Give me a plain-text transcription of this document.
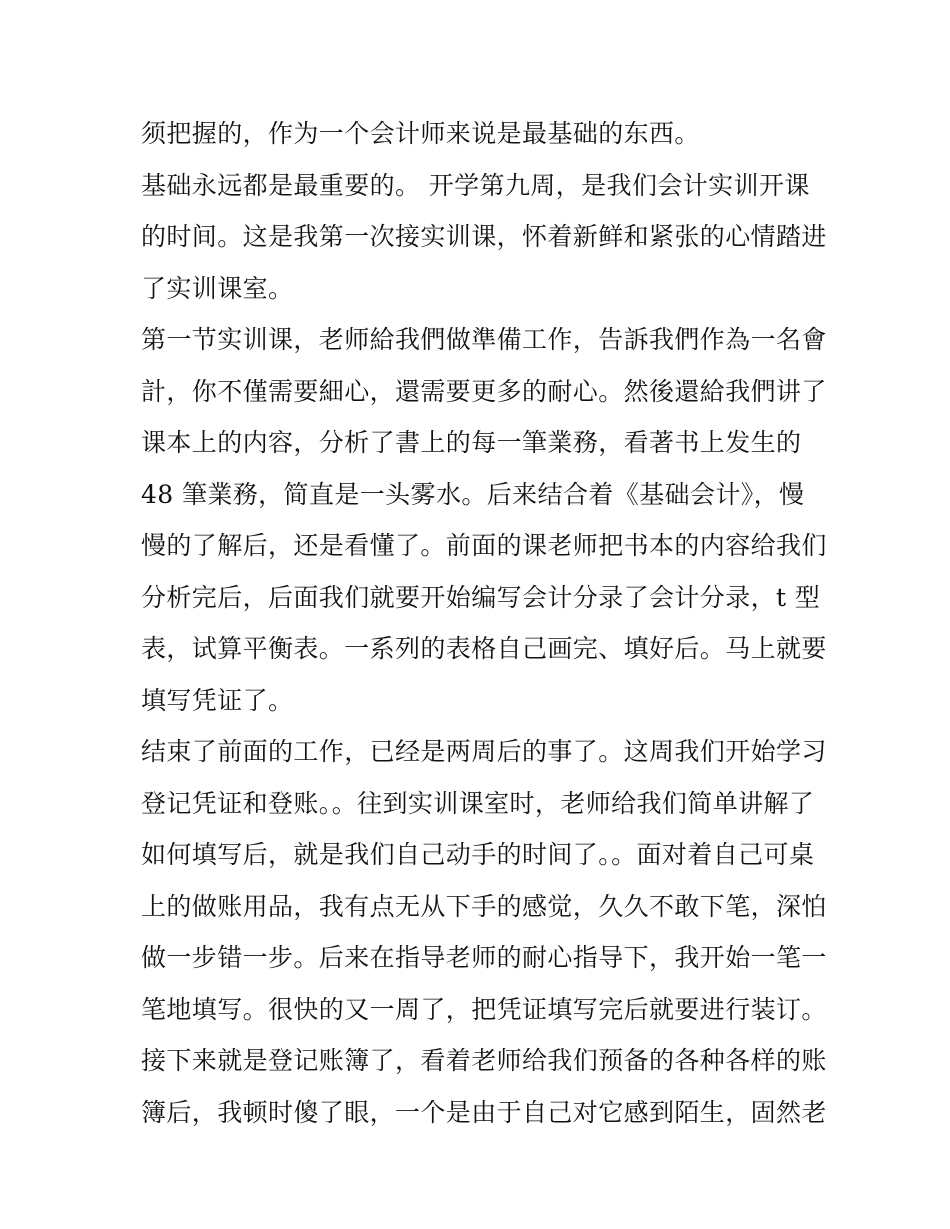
须把握的，作为一个会计师来说是最基础的东西。
基础永远都是最重要的。 开学第九周，是我们会计实训开课
的时间。这是我第一次接实训课，怀着新鲜和紧张的心情踏进
了实训课室。
第一节实训课，老师給我們做準備工作，告訴我們作為一名會
計，你不僅需要細心，還需要更多的耐心。然後還給我們讲了
课本上的内容，分析了書上的每一筆業務，看著书上发生的
48 筆業務，简直是一头雾水。后来结合着《基础会计》，慢
慢的了解后，还是看懂了。前面的课老师把书本的内容给我们
分析完后，后面我们就要开始编写会计分录了会计分录，t 型
表，试算平衡表。一系列的表格自己画完、填好后。马上就要
填写凭证了。
结束了前面的工作，已经是两周后的事了。这周我们开始学习
登记凭证和登账。。往到实训课室时，老师给我们简单讲解了
如何填写后，就是我们自己动手的时间了。。面对着自己可桌
上的做账用品，我有点无从下手的感觉，久久不敢下笔，深怕
做一步错一步。后来在指导老师的耐心指导下，我开始一笔一
笔地填写。很快的又一周了，把凭证填写完后就要进行装订。
接下来就是登记账簿了，看着老师给我们预备的各种各样的账
簿后，我顿时傻了眼，一个是由于自己对它感到陌生，固然老
